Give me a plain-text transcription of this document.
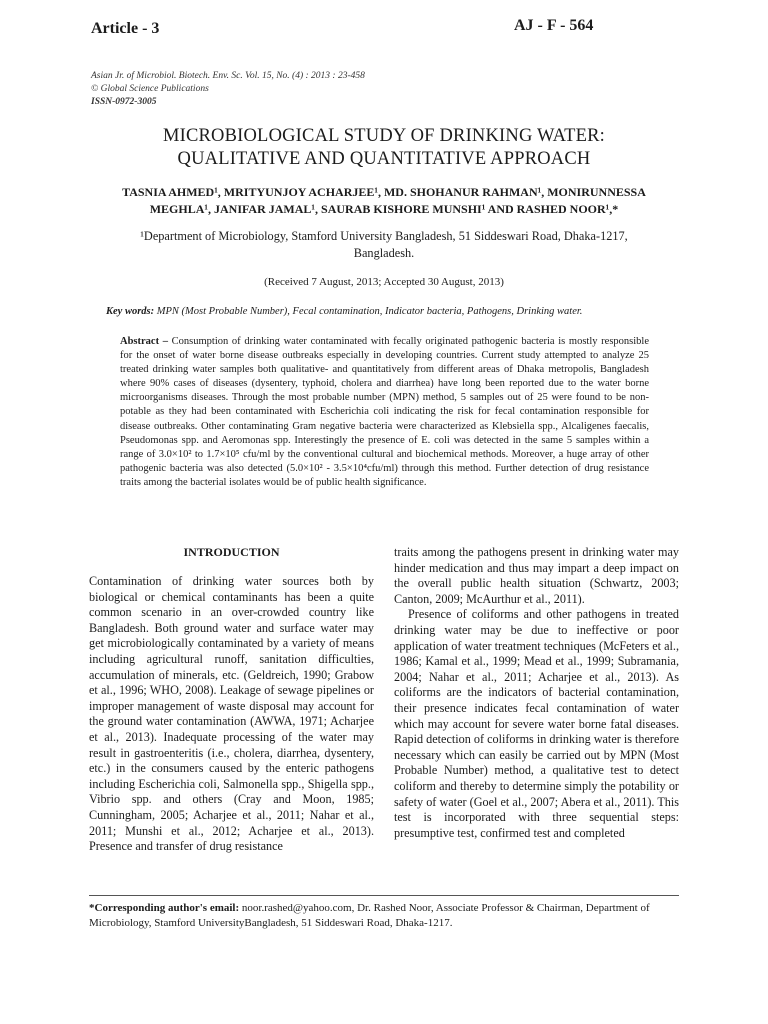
Article - 3	AJ - F - 564
Asian Jr. of Microbiol. Biotech. Env. Sc. Vol. 15, No. (4) : 2013 : 23-458
© Global Science Publications
ISSN-0972-3005
MICROBIOLOGICAL STUDY OF DRINKING WATER:
QUALITATIVE AND QUANTITATIVE APPROACH
TASNIA AHMED¹, MRITYUNJOY ACHARJEE¹, MD. SHOHANUR RAHMAN¹, MONIRUNNESSA
MEGHLA¹, JANIFAR JAMAL¹, SAURAB KISHORE MUNSHI¹ AND RASHED NOOR¹,*
¹Department of Microbiology, Stamford University Bangladesh, 51 Siddeswari Road, Dhaka-1217,
Bangladesh.
(Received 7 August, 2013; Accepted 30 August, 2013)
Key words: MPN (Most Probable Number), Fecal contamination, Indicator bacteria, Pathogens, Drinking water.
Abstract – Consumption of drinking water contaminated with fecally originated pathogenic bacteria is mostly responsible for the onset of water borne disease outbreaks especially in developing countries. Current study attempted to analyze 25 treated drinking water samples both qualitative- and quantitatively from different areas of Dhaka metropolis, Bangladesh where 90% cases of diseases (dysentery, typhoid, cholera and diarrhea) have long been reported due to the water borne microorganisms diseases. Through the most probable number (MPN) method, 5 samples out of 25 were found to be non-potable as they had been contaminated with Escherichia coli indicating the risk for fecal contamination responsible for disease outbreaks. Other contaminating Gram negative bacteria were characterized as Klebsiella spp., Alcaligenes faecalis, Pseudomonas spp. and Aeromonas spp. Interestingly the presence of E. coli was detected in the same 5 samples within a range of 3.0×10² to 1.7×10⁵ cfu/ml by the conventional cultural and biochemical methods. Moreover, a huge array of other pathogenic bacteria was also detected (5.0×10² - 3.5×10⁴cfu/ml) through this method. Further detection of drug resistance traits among the bacterial isolates would be of public health significance.
INTRODUCTION

Contamination of drinking water sources both by biological or chemical contaminants has been a quite common scenario in an over-crowded country like Bangladesh. Both ground water and surface water may get microbiologically contaminated by a variety of means including agricultural runoff, sanitation difficulties, accumulation of minerals, etc. (Geldreich, 1990; Grabow et al., 1996; WHO, 2008). Leakage of sewage pipelines or improper management of waste disposal may account for the ground water contamination (AWWA, 1971; Acharjee et al., 2013). Inadequate processing of the water may result in gastroenteritis (i.e., cholera, diarrhea, dysentery, etc.) in the consumers caused by the enteric pathogens including Escherichia coli, Salmonella spp., Shigella spp., Vibrio spp. and others (Cray and Moon, 1985; Cunningham, 2005; Acharjee et al., 2011; Nahar et al., 2011; Munshi et al., 2012; Acharjee et al., 2013). Presence and transfer of drug resistance

traits among the pathogens present in drinking water may hinder medication and thus may impart a deep impact on the overall public health situation (Schwartz, 2003; Canton, 2009; McAurthur et al., 2011).

Presence of coliforms and other pathogens in treated drinking water may be due to ineffective or poor application of water treatment techniques (McFeters et al., 1986; Kamal et al., 1999; Mead et al., 1999; Subramania, 2004; Nahar et al., 2011; Acharjee et al., 2013). As coliforms are the indicators of bacterial contamination, their presence indicates fecal contamination of water which may account for severe water borne fatal diseases. Rapid detection of coliforms in drinking water is therefore necessary which can easily be carried out by MPN (Most Probable Number) method, a qualitative test to detect coliform and thereby to determine simply the potability or safety of water (Goel et al., 2007; Abera et al., 2011). This test is incorporated with three sequential steps: presumptive test, confirmed test and completed

*Corresponding author's email: noor.rashed@yahoo.com, Dr. Rashed Noor, Associate Professor & Chairman, Department of Microbiology, Stamford UniversityBangladesh, 51 Siddeswari Road, Dhaka-1217.
